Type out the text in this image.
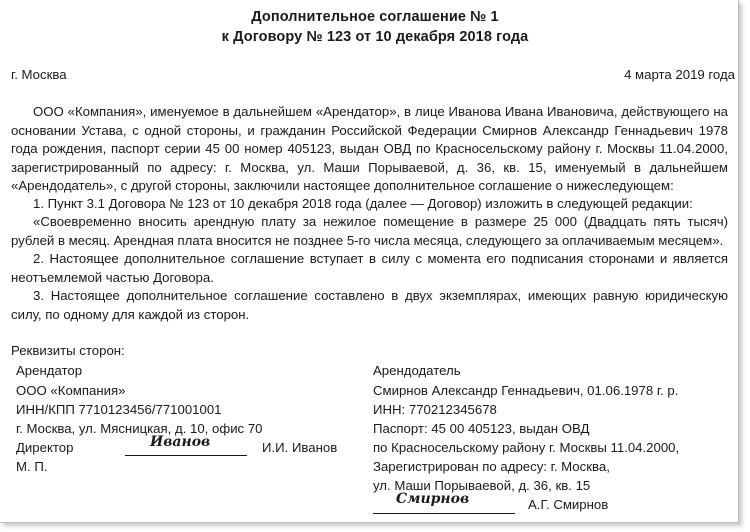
Дополнительное соглашение № 1
к Договору № 123 от 10 декабря 2018 года
г. Москва	4 марта 2019 года
ООО «Компания», именуемое в дальнейшем «Арендатор», в лице Иванова Ивана Ивановича, действующего на основании Устава, с одной стороны, и гражданин Российской Федерации Смирнов Александр Геннадьевич 1978 года рождения, паспорт серии 45 00 номер 405123, выдан ОВД по Красносельскому району г. Москвы 11.04.2000, зарегистрированный по адресу: г. Москва, ул. Маши Порываевой, д. 36, кв. 15, именуемый в дальнейшем «Арендодатель», с другой стороны, заключили настоящее дополнительное соглашение о нижеследующем:
1. Пункт 3.1 Договора № 123 от 10 декабря 2018 года (далее — Договор) изложить в следующей редакции:
«Своевременно вносить арендную плату за нежилое помещение в размере 25 000 (Двадцать пять тысяч) рублей в месяц. Арендная плата вносится не позднее 5-го числа месяца, следующего за оплачиваемым месяцем».
2. Настоящее дополнительное соглашение вступает в силу с момента его подписания сторонами и является неотъемлемой частью Договора.
3. Настоящее дополнительное соглашение составлено в двух экземплярах, имеющих равную юридическую силу, по одному для каждой из сторон.
Реквизиты сторон:
Арендатор
ООО «Компания»
ИНН/КПП 7710123456/771001001
г. Москва, ул. Мясницкая, д. 10, офис 70
Директор	Иванов	И.И. Иванов
М. П.
Арендодатель
Смирнов Александр Геннадьевич, 01.06.1978 г. р.
ИНН: 770212345678
Паспорт: 45 00 405123, выдан ОВД
по Красносельскому району г. Москвы 11.04.2000,
Зарегистрирован по адресу: г. Москва,
ул. Маши Порываевой, д. 36, кв. 15
Смирнов	А.Г. Смирнов
